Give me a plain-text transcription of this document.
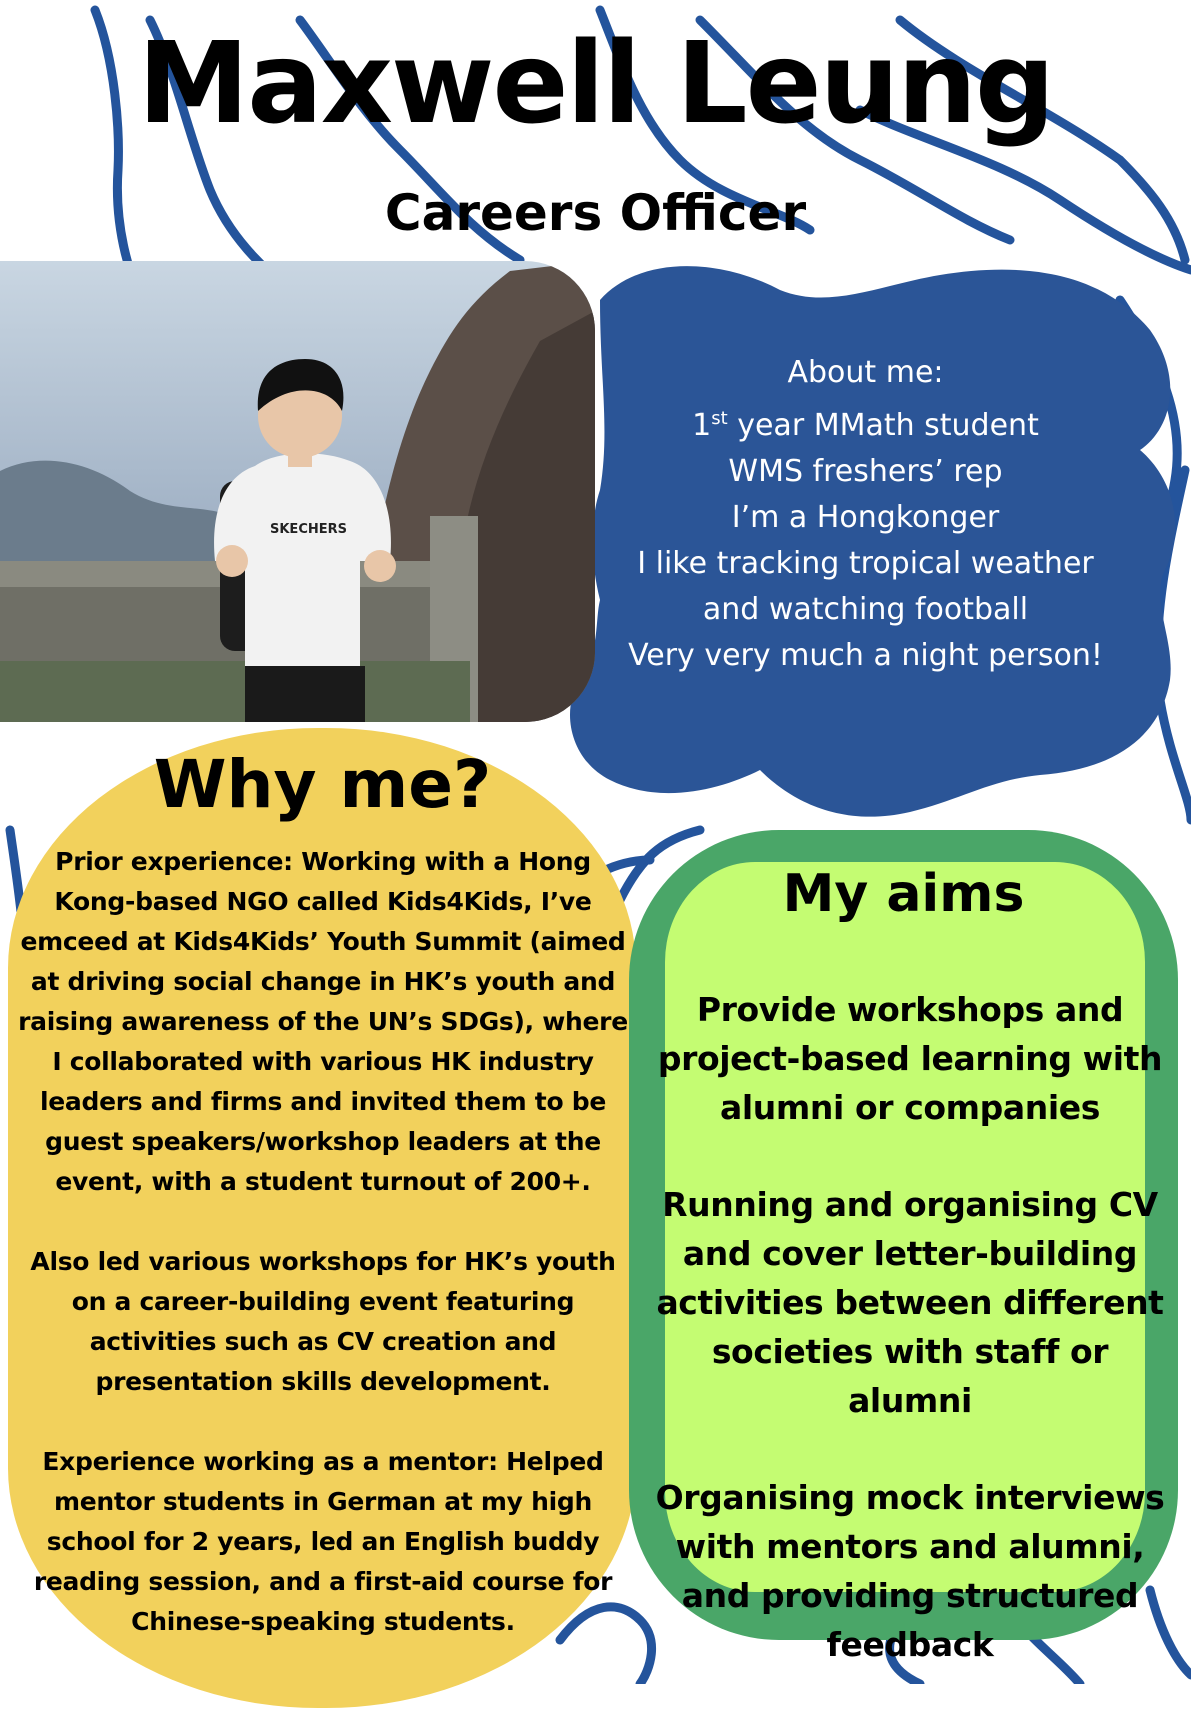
Maxwell Leung
Careers Officer
SKECHERS
About me:
1st year MMath student
WMS freshers’ rep
I’m a Hongkonger
I like tracking tropical weather
and watching football
Very very much a night person!
Why me?

Prior experience: Working with a Hong Kong-based NGO called Kids4Kids, I’ve emceed at Kids4Kids’ Youth Summit (aimed at driving social change in HK’s youth and raising awareness of the UN’s SDGs), where I collaborated with various HK industry leaders and firms and invited them to be guest speakers/workshop leaders at the event, with a student turnout of 200+.

Also led various workshops for HK’s youth on a career-building event featuring activities such as CV creation and presentation skills development.

Experience working as a mentor: Helped mentor students in German at my high school for 2 years, led an English buddy reading session, and a first-aid course for Chinese-speaking students.

My aims

Provide workshops and project-based learning with alumni or companies

Running and organising CV and cover letter-building activities between different societies with staff or alumni

Organising mock interviews with mentors and alumni, and providing structured feedback
